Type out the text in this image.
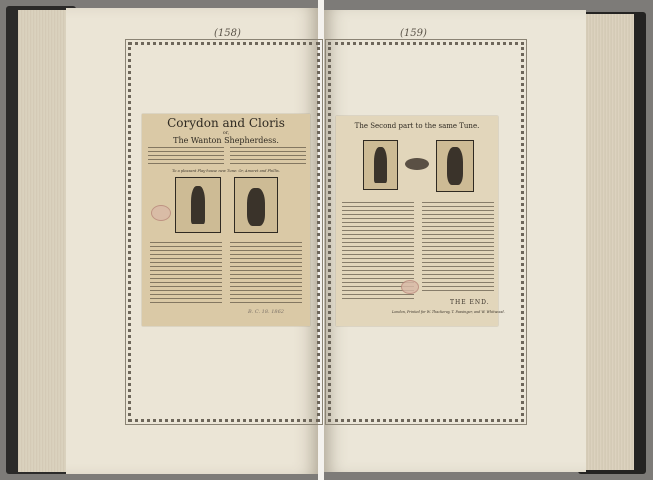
(158)	(159)
Corydon and Cloris
or,
The Wanton Shepherdess.
To a pleasant Play-house new Tune: Or, Amoret and Phillis.
B. C. 18. 1862
The Second part to the same Tune.
THE END.
London, Printed for W. Thackeray, T. Passinger, and W. Whitwood.
